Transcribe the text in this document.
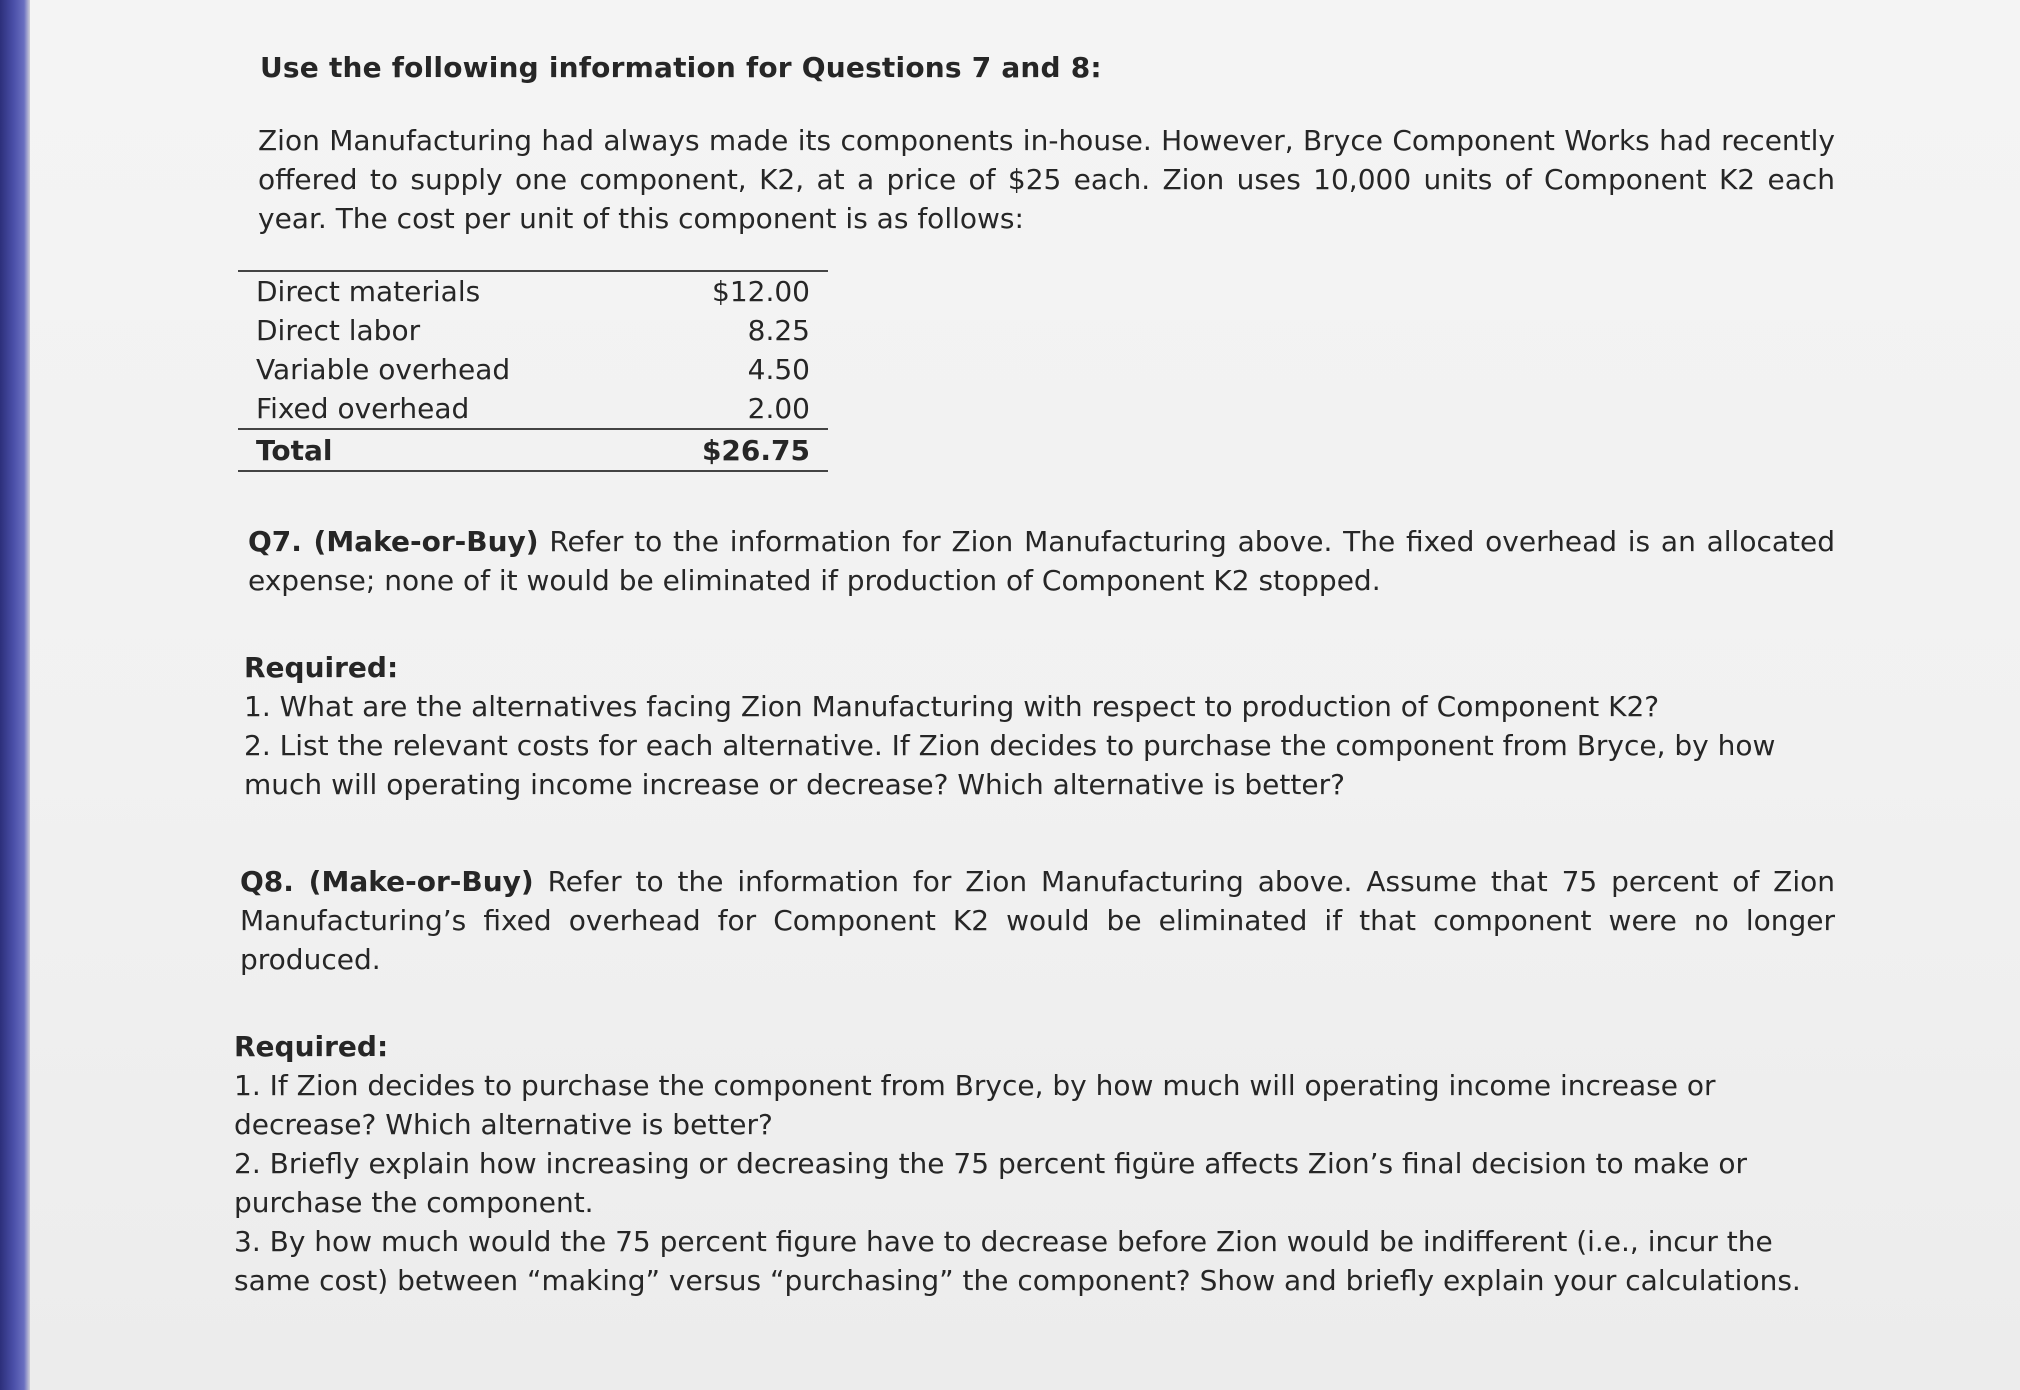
Use the following information for Questions 7 and 8:

Zion Manufacturing had always made its components in-house. However, Bryce Component Works had recently offered to supply one component, K2, at a price of $25 each. Zion uses 10,000 units of Component K2 each year. The cost per unit of this component is as follows:

Direct materials	$12.00
Direct labor	8.25
Variable overhead	4.50
Fixed overhead	2.00
Total	$26.75

Q7. (Make-or-Buy) Refer to the information for Zion Manufacturing above. The fixed overhead is an allocated expense; none of it would be eliminated if production of Component K2 stopped.

Required:

1. What are the alternatives facing Zion Manufacturing with respect to production of Component K2?

2. List the relevant costs for each alternative. If Zion decides to purchase the component from Bryce, by how much will operating income increase or decrease? Which alternative is better?

Q8. (Make-or-Buy) Refer to the information for Zion Manufacturing above. Assume that 75 percent of Zion Manufacturing’s fixed overhead for Component K2 would be eliminated if that component were no longer produced.

Required:

1. If Zion decides to purchase the component from Bryce, by how much will operating income increase or decrease? Which alternative is better?

2. Briefly explain how increasing or decreasing the 75 percent figüre affects Zion’s final decision to make or purchase the component.

3. By how much would the 75 percent figure have to decrease before Zion would be indifferent (i.e., incur the same cost) between “making” versus “purchasing” the component? Show and briefly explain your calculations.
